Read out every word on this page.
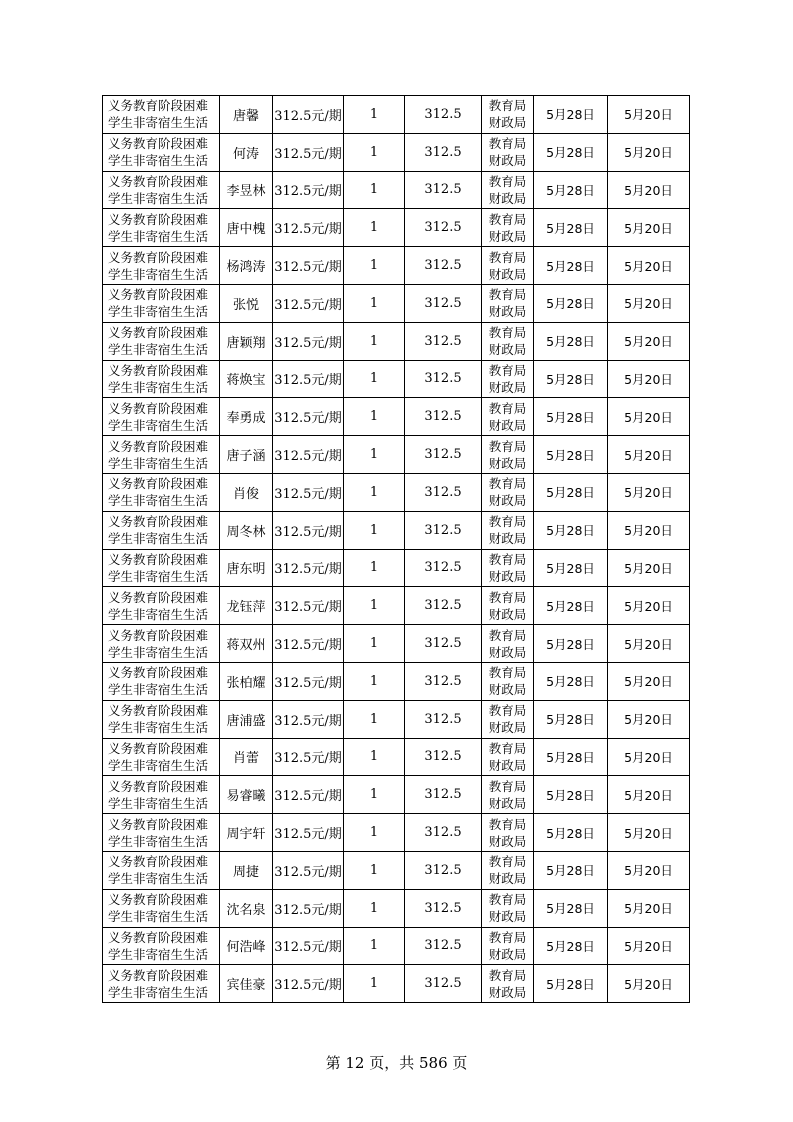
义务教育阶段困难
学生非寄宿生生活	唐馨	312.5元/期	1	312.5	教育局
财政局	5月28日	5月20日

义务教育阶段困难
学生非寄宿生生活	何涛	312.5元/期	1	312.5	教育局
财政局	5月28日	5月20日

义务教育阶段困难
学生非寄宿生生活	李昱林	312.5元/期	1	312.5	教育局
财政局	5月28日	5月20日

义务教育阶段困难
学生非寄宿生生活	唐中槐	312.5元/期	1	312.5	教育局
财政局	5月28日	5月20日

义务教育阶段困难
学生非寄宿生生活	杨鸿涛	312.5元/期	1	312.5	教育局
财政局	5月28日	5月20日

义务教育阶段困难
学生非寄宿生生活	张悦	312.5元/期	1	312.5	教育局
财政局	5月28日	5月20日

义务教育阶段困难
学生非寄宿生生活	唐颖翔	312.5元/期	1	312.5	教育局
财政局	5月28日	5月20日

义务教育阶段困难
学生非寄宿生生活	蒋焕宝	312.5元/期	1	312.5	教育局
财政局	5月28日	5月20日

义务教育阶段困难
学生非寄宿生生活	奉勇成	312.5元/期	1	312.5	教育局
财政局	5月28日	5月20日

义务教育阶段困难
学生非寄宿生生活	唐子涵	312.5元/期	1	312.5	教育局
财政局	5月28日	5月20日

义务教育阶段困难
学生非寄宿生生活	肖俊	312.5元/期	1	312.5	教育局
财政局	5月28日	5月20日

义务教育阶段困难
学生非寄宿生生活	周冬林	312.5元/期	1	312.5	教育局
财政局	5月28日	5月20日

义务教育阶段困难
学生非寄宿生生活	唐东明	312.5元/期	1	312.5	教育局
财政局	5月28日	5月20日

义务教育阶段困难
学生非寄宿生生活	龙钰萍	312.5元/期	1	312.5	教育局
财政局	5月28日	5月20日

义务教育阶段困难
学生非寄宿生生活	蒋双州	312.5元/期	1	312.5	教育局
财政局	5月28日	5月20日

义务教育阶段困难
学生非寄宿生生活	张柏耀	312.5元/期	1	312.5	教育局
财政局	5月28日	5月20日

义务教育阶段困难
学生非寄宿生生活	唐浦盛	312.5元/期	1	312.5	教育局
财政局	5月28日	5月20日

义务教育阶段困难
学生非寄宿生生活	肖蕾	312.5元/期	1	312.5	教育局
财政局	5月28日	5月20日

义务教育阶段困难
学生非寄宿生生活	易睿曦	312.5元/期	1	312.5	教育局
财政局	5月28日	5月20日

义务教育阶段困难
学生非寄宿生生活	周宇轩	312.5元/期	1	312.5	教育局
财政局	5月28日	5月20日

义务教育阶段困难
学生非寄宿生生活	周捷	312.5元/期	1	312.5	教育局
财政局	5月28日	5月20日

义务教育阶段困难
学生非寄宿生生活	沈名泉	312.5元/期	1	312.5	教育局
财政局	5月28日	5月20日

义务教育阶段困难
学生非寄宿生生活	何浩峰	312.5元/期	1	312.5	教育局
财政局	5月28日	5月20日

义务教育阶段困难
学生非寄宿生生活	宾佳豪	312.5元/期	1	312.5	教育局
财政局	5月28日	5月20日
第 12 页，共 586 页
